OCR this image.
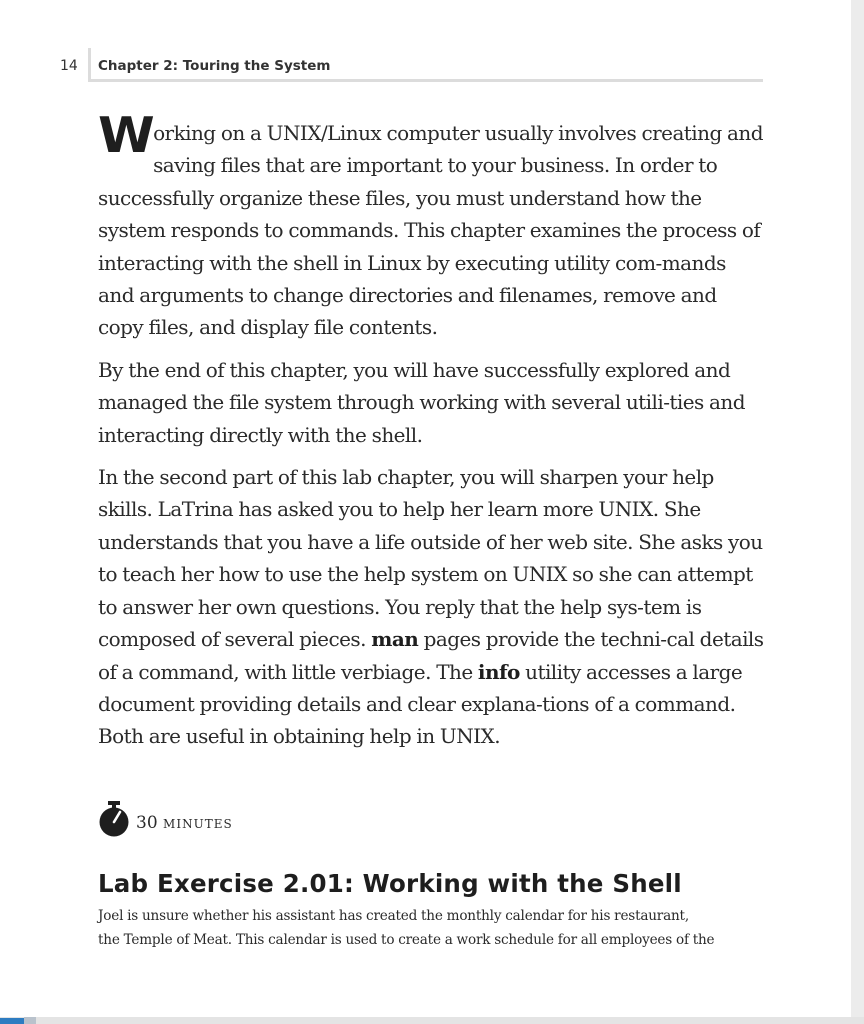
14 Chapter 2: Touring the System

Working on a UNIX/Linux computer usually involves creating and saving files that are important to your business. In order to successfully organize these files, you must understand how the system responds to commands. This chapter examines the process of interacting with the shell in Linux by executing utility com-mands and arguments to change directories and filenames, remove and copy files, and display file contents.

By the end of this chapter, you will have successfully explored and managed the file system through working with several utili-ties and interacting directly with the shell.

In the second part of this lab chapter, you will sharpen your help skills. LaTrina has asked you to help her learn more UNIX. She understands that you have a life outside of her web site. She asks you to teach her how to use the help system on UNIX so she can attempt to answer her own questions. You reply that the help sys-tem is composed of several pieces. man pages provide the techni-cal details of a command, with little verbiage. The info utility accesses a large document providing details and clear explana-tions of a command. Both are useful in obtaining help in UNIX.

30 minutes
Lab Exercise 2.01: Working with the Shell
Joel is unsure whether his assistant has created the monthly calendar for his restaurant,
the Temple of Meat. This calendar is used to create a work schedule for all employees of the
